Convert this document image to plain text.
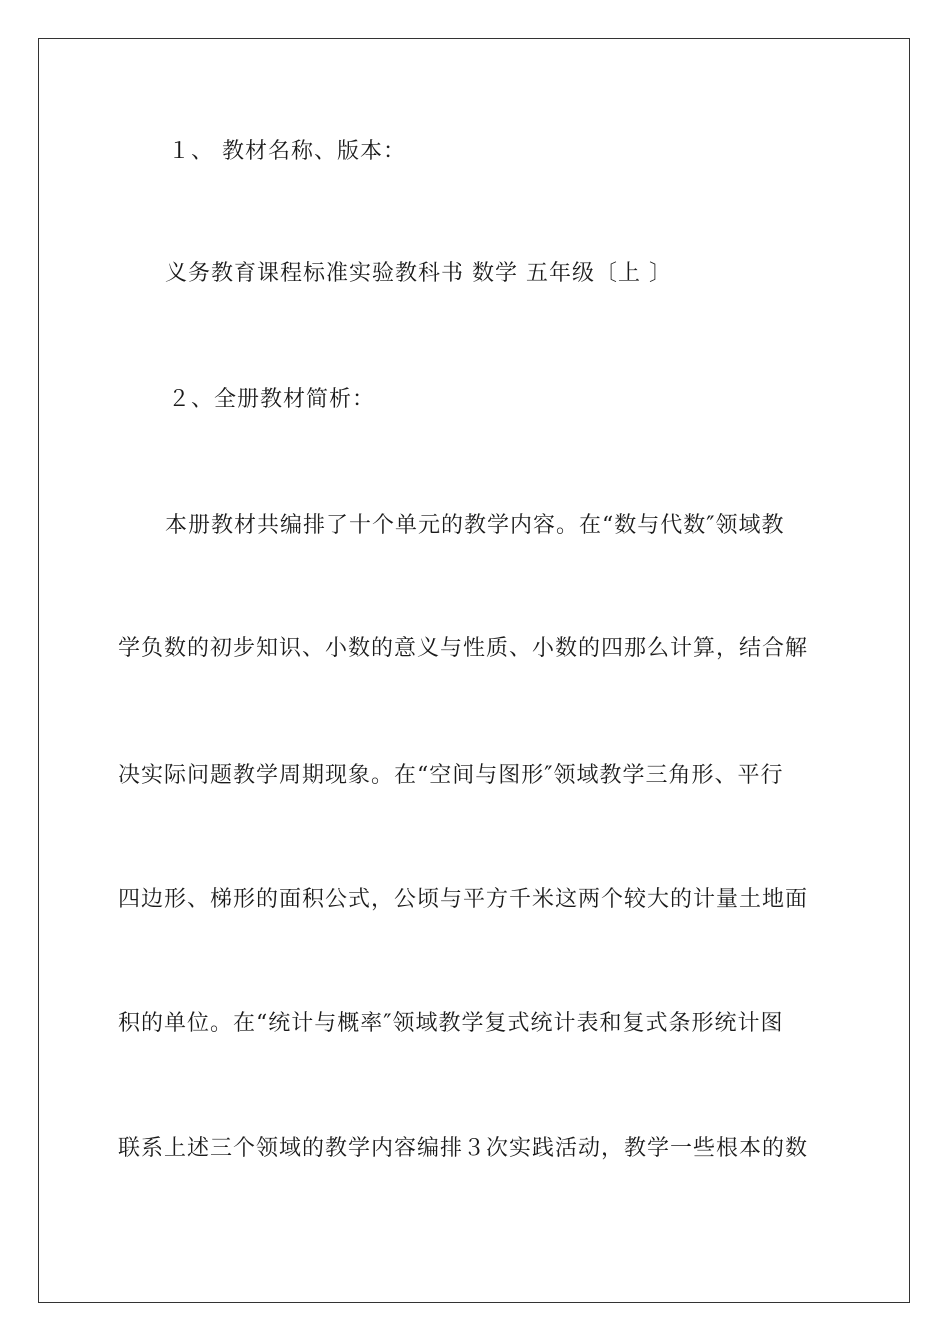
１、 教材名称、版本：
义务教育课程标准实验教科书 数学 五年级〔上 〕
２、全册教材简析：
本册教材共编排了十个单元的教学内容。在“数与代数″领域教
学负数的初步知识、小数的意义与性质、小数的四那么计算，结合解
决实际问题教学周期现象。在“空间与图形″领域教学三角形、平行
四边形、梯形的面积公式，公顷与平方千米这两个较大的计量土地面
积的单位。在“统计与概率″领域教学复式统计表和复式条形统计图
联系上述三个领域的教学内容编排３次实践活动，教学一些根本的数
